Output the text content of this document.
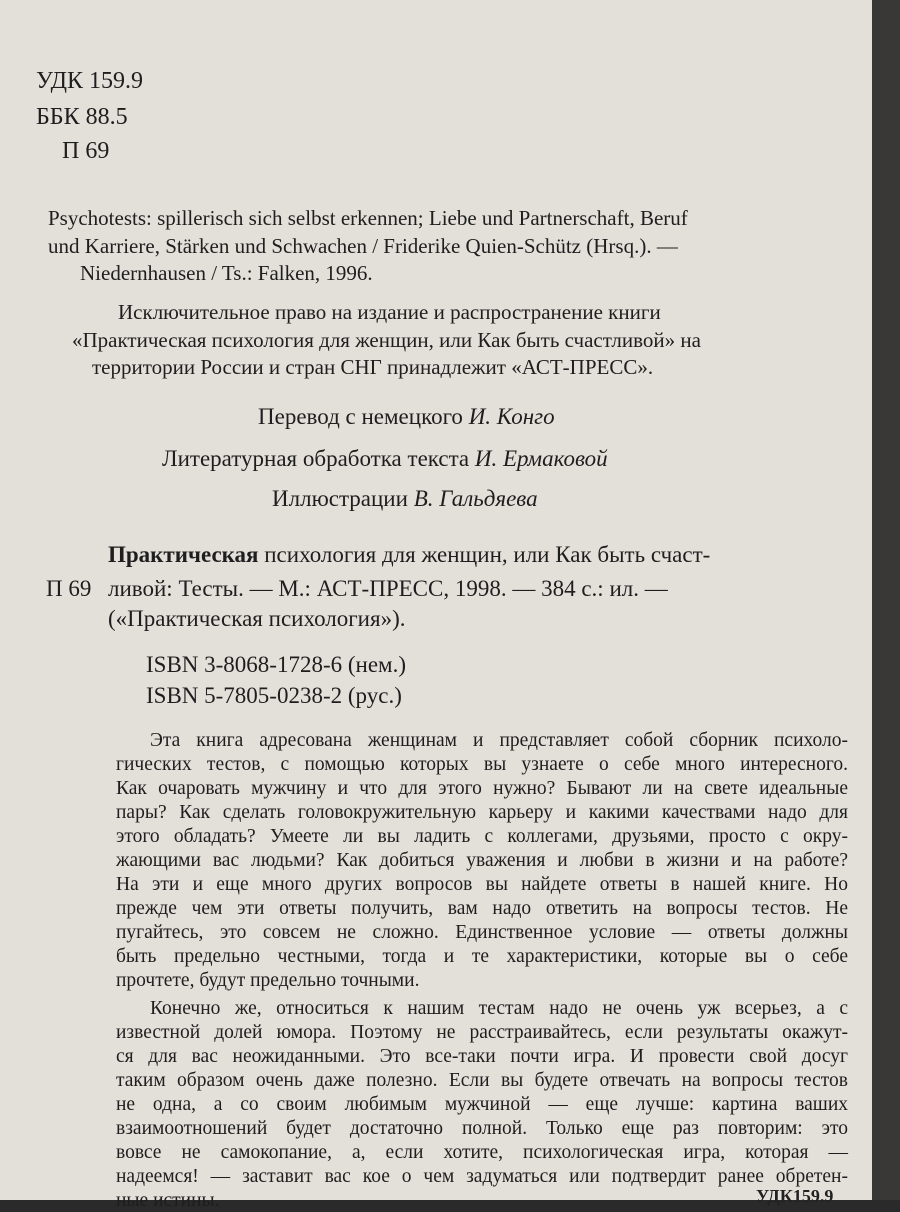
УДК 159.9
ББК 88.5
П 69
Psychotests: spillerisch sich selbst erkennen; Liebe und Partnerschaft, Beruf
und Karriere, Stärken und Schwachen / Friderike Quien-Schütz (Hrsq.). —
Niedernhausen / Ts.: Falken, 1996.
Исключительное право на издание и распространение книги
«Практическая психология для женщин, или Как быть счастливой» на
территории России и стран СНГ принадлежит «АСТ-ПРЕСС».
Перевод с немецкого И. Конго
Литературная обработка текста И. Ермаковой
Иллюстрации В. Гальдяева
П 69
Практическая психология для женщин, или Как быть счаст-
ливой: Тесты. — М.: АСТ-ПРЕСС, 1998. — 384 с.: ил. —
(«Практическая психология»).
ISBN 3-8068-1728-6 (нем.)
ISBN 5-7805-0238-2 (рус.)
Эта книга адресована женщинам и представляет собой сборник психоло-
гических тестов, с помощью которых вы узнаете о себе много интересного.
Как очаровать мужчину и что для этого нужно? Бывают ли на свете идеальные
пары? Как сделать головокружительную карьеру и какими качествами надо для
этого обладать? Умеете ли вы ладить с коллегами, друзьями, просто с окру-
жающими вас людьми? Как добиться уважения и любви в жизни и на работе?
На эти и еще много других вопросов вы найдете ответы в нашей книге. Но
прежде чем эти ответы получить, вам надо ответить на вопросы тестов. Не
пугайтесь, это совсем не сложно. Единственное условие — ответы должны
быть предельно честными, тогда и те характеристики, которые вы о себе
прочтете, будут предельно точными.
Конечно же, относиться к нашим тестам надо не очень уж всерьез, а с
известной долей юмора. Поэтому не расстраивайтесь, если результаты окажут-
ся для вас неожиданными. Это все-таки почти игра. И провести свой досуг
таким образом очень даже полезно. Если вы будете отвечать на вопросы тестов
не одна, а со своим любимым мужчиной — еще лучше: картина ваших
взаимоотношений будет достаточно полной. Только еще раз повторим: это
вовсе не самокопание, а, если хотите, психологическая игра, которая —
надеемся! — заставит вас кое о чем задуматься или подтвердит ранее обретен-
ные истины.	УДК159.9
